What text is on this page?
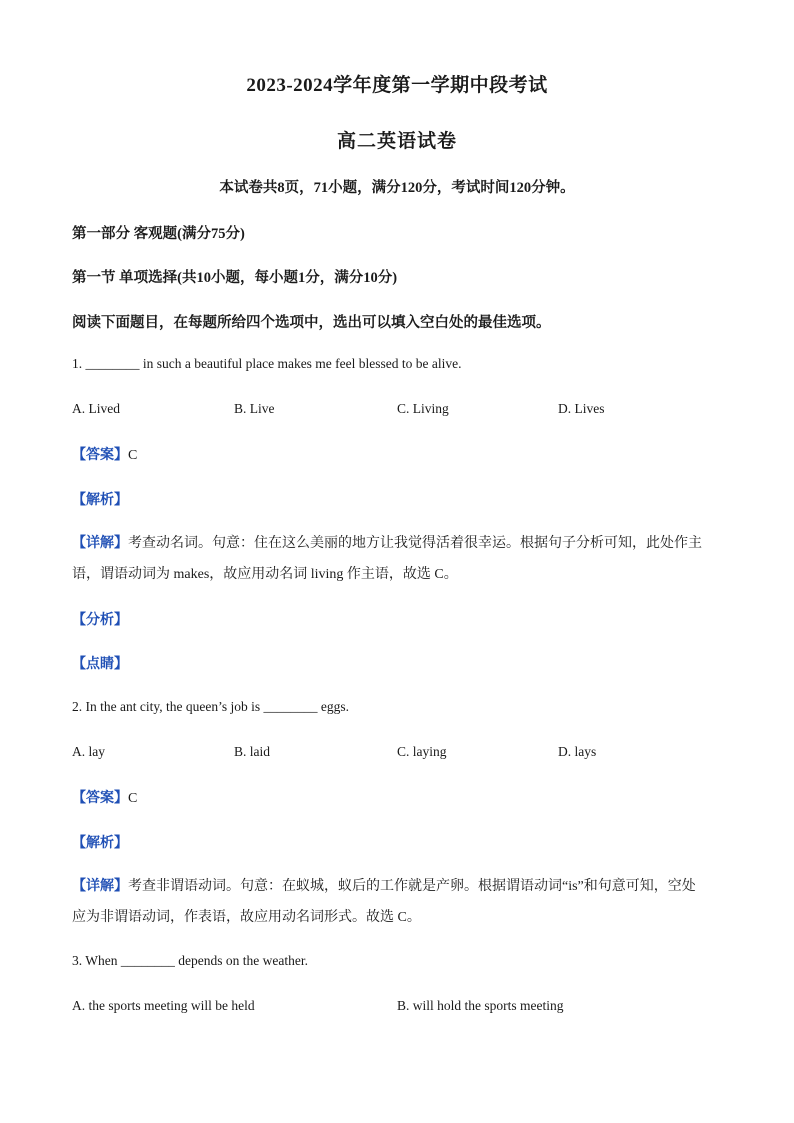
2023-2024学年度第一学期中段考试
高二英语试卷
本试卷共8页，71小题，满分120分，考试时间120分钟。
第一部分 客观题(满分75分)
第一节 单项选择(共10小题，每小题1分，满分10分)
阅读下面题目，在每题所给四个选项中，选出可以填入空白处的最佳选项。
1. ________ in such a beautiful place makes me feel blessed to be alive.
A. Lived	B. Live	C. Living	D. Lives
【答案】C
【解析】
【详解】考查动名词。句意：住在这么美丽的地方让我觉得活着很幸运。根据句子分析可知，此处作主
语，谓语动词为 makes，故应用动名词 living 作主语，故选 C。
【分析】
【点睛】
2. In the ant city, the queen’s job is ________ eggs.
A. lay	B. laid	C. laying	D. lays
【答案】C
【解析】
【详解】考查非谓语动词。句意：在蚁城，蚁后的工作就是产卵。根据谓语动词“is”和句意可知，空处
应为非谓语动词，作表语，故应用动名词形式。故选 C。
3. When ________ depends on the weather.
A. the sports meeting will be held	B. will hold the sports meeting
